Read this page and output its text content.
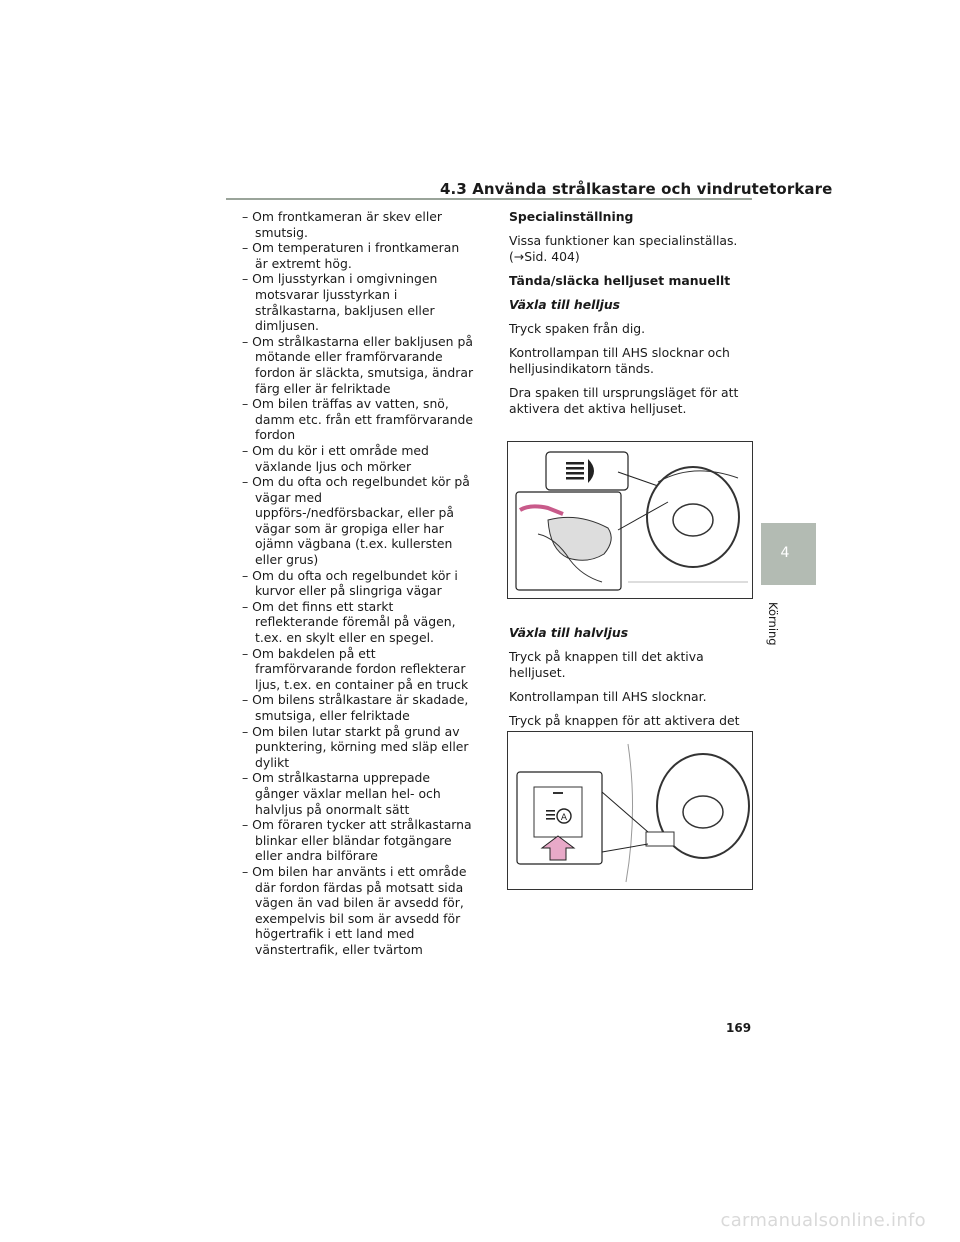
4.3 Använda strålkastare och vindrutetorkare
– Om frontkameran är skev eller smutsig.
– Om temperaturen i frontkameran är extremt hög.
– Om ljusstyrkan i omgivningen motsvarar ljusstyrkan i strålkastarna, bakljusen eller dimljusen.
– Om strålkastarna eller bakljusen på mötande eller framförvarande fordon är släckta, smutsiga, ändrar färg eller är felriktade
– Om bilen träffas av vatten, snö, damm etc. från ett framförvarande fordon
– Om du kör i ett område med växlande ljus och mörker
– Om du ofta och regelbundet kör på vägar med uppförs-/nedförsbackar, eller på vägar som är gropiga eller har ojämn vägbana (t.ex. kullersten eller grus)
– Om du ofta och regelbundet kör i kurvor eller på slingriga vägar
– Om det finns ett starkt reflekterande föremål på vägen, t.ex. en skylt eller en spegel.
– Om bakdelen på ett framförvarande fordon reflekterar ljus, t.ex. en container på en truck
– Om bilens strålkastare är skadade, smutsiga, eller felriktade
– Om bilen lutar starkt på grund av punktering, körning med släp eller dylikt
– Om strålkastarna upprepade gånger växlar mellan hel- och halvljus på onormalt sätt
– Om föraren tycker att strålkastarna blinkar eller bländar fotgängare eller andra bilförare
– Om bilen har använts i ett område där fordon färdas på motsatt sida vägen än vad bilen är avsedd för, exempelvis bil som är avsedd för högertrafik i ett land med vänstertrafik, eller tvärtom
Specialinställning
Vissa funktioner kan specialinställas. (→Sid. 404)
Tända/släcka helljuset manuellt
Växla till helljus
Tryck spaken från dig.
Kontrollampan till AHS slocknar och helljusindikatorn tänds.
Dra spaken till ursprungsläget för att aktivera det aktiva helljuset.
Växla till halvljus
Tryck på knappen till det aktiva helljuset.
Kontrollampan till AHS slocknar.
Tryck på knappen för att aktivera det
A
4
Körning
169
carmanualsonline.info
